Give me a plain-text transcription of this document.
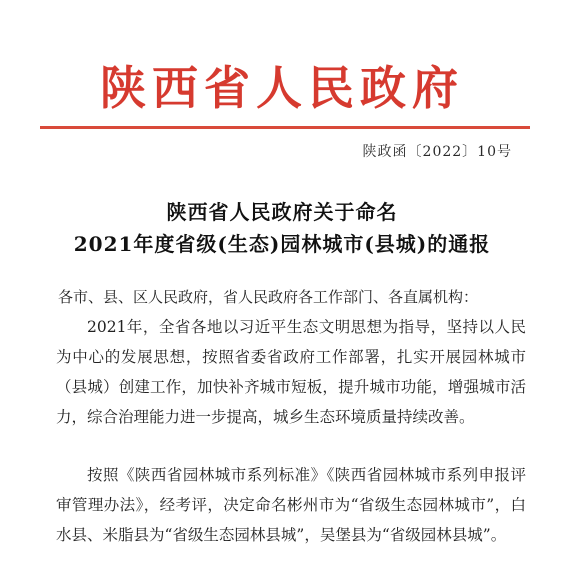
陕西省人民政府
陕政函〔2022〕10号
陕西省人民政府关于命名
2021年度省级(生态)园林城市(县城)的通报
各市、县、区人民政府，省人民政府各工作部门、各直属机构：
2021年，全省各地以习近平生态文明思想为指导，坚持以人民为中心的发展思想，按照省委省政府工作部署，扎实开展园林城市（县城）创建工作，加快补齐城市短板，提升城市功能，增强城市活力，综合治理能力进一步提高，城乡生态环境质量持续改善。
按照《陕西省园林城市系列标准》《陕西省园林城市系列申报评审管理办法》，经考评，决定命名彬州市为“省级生态园林城市”，白水县、米脂县为“省级生态园林县城”，吴堡县为“省级园林县城”。
